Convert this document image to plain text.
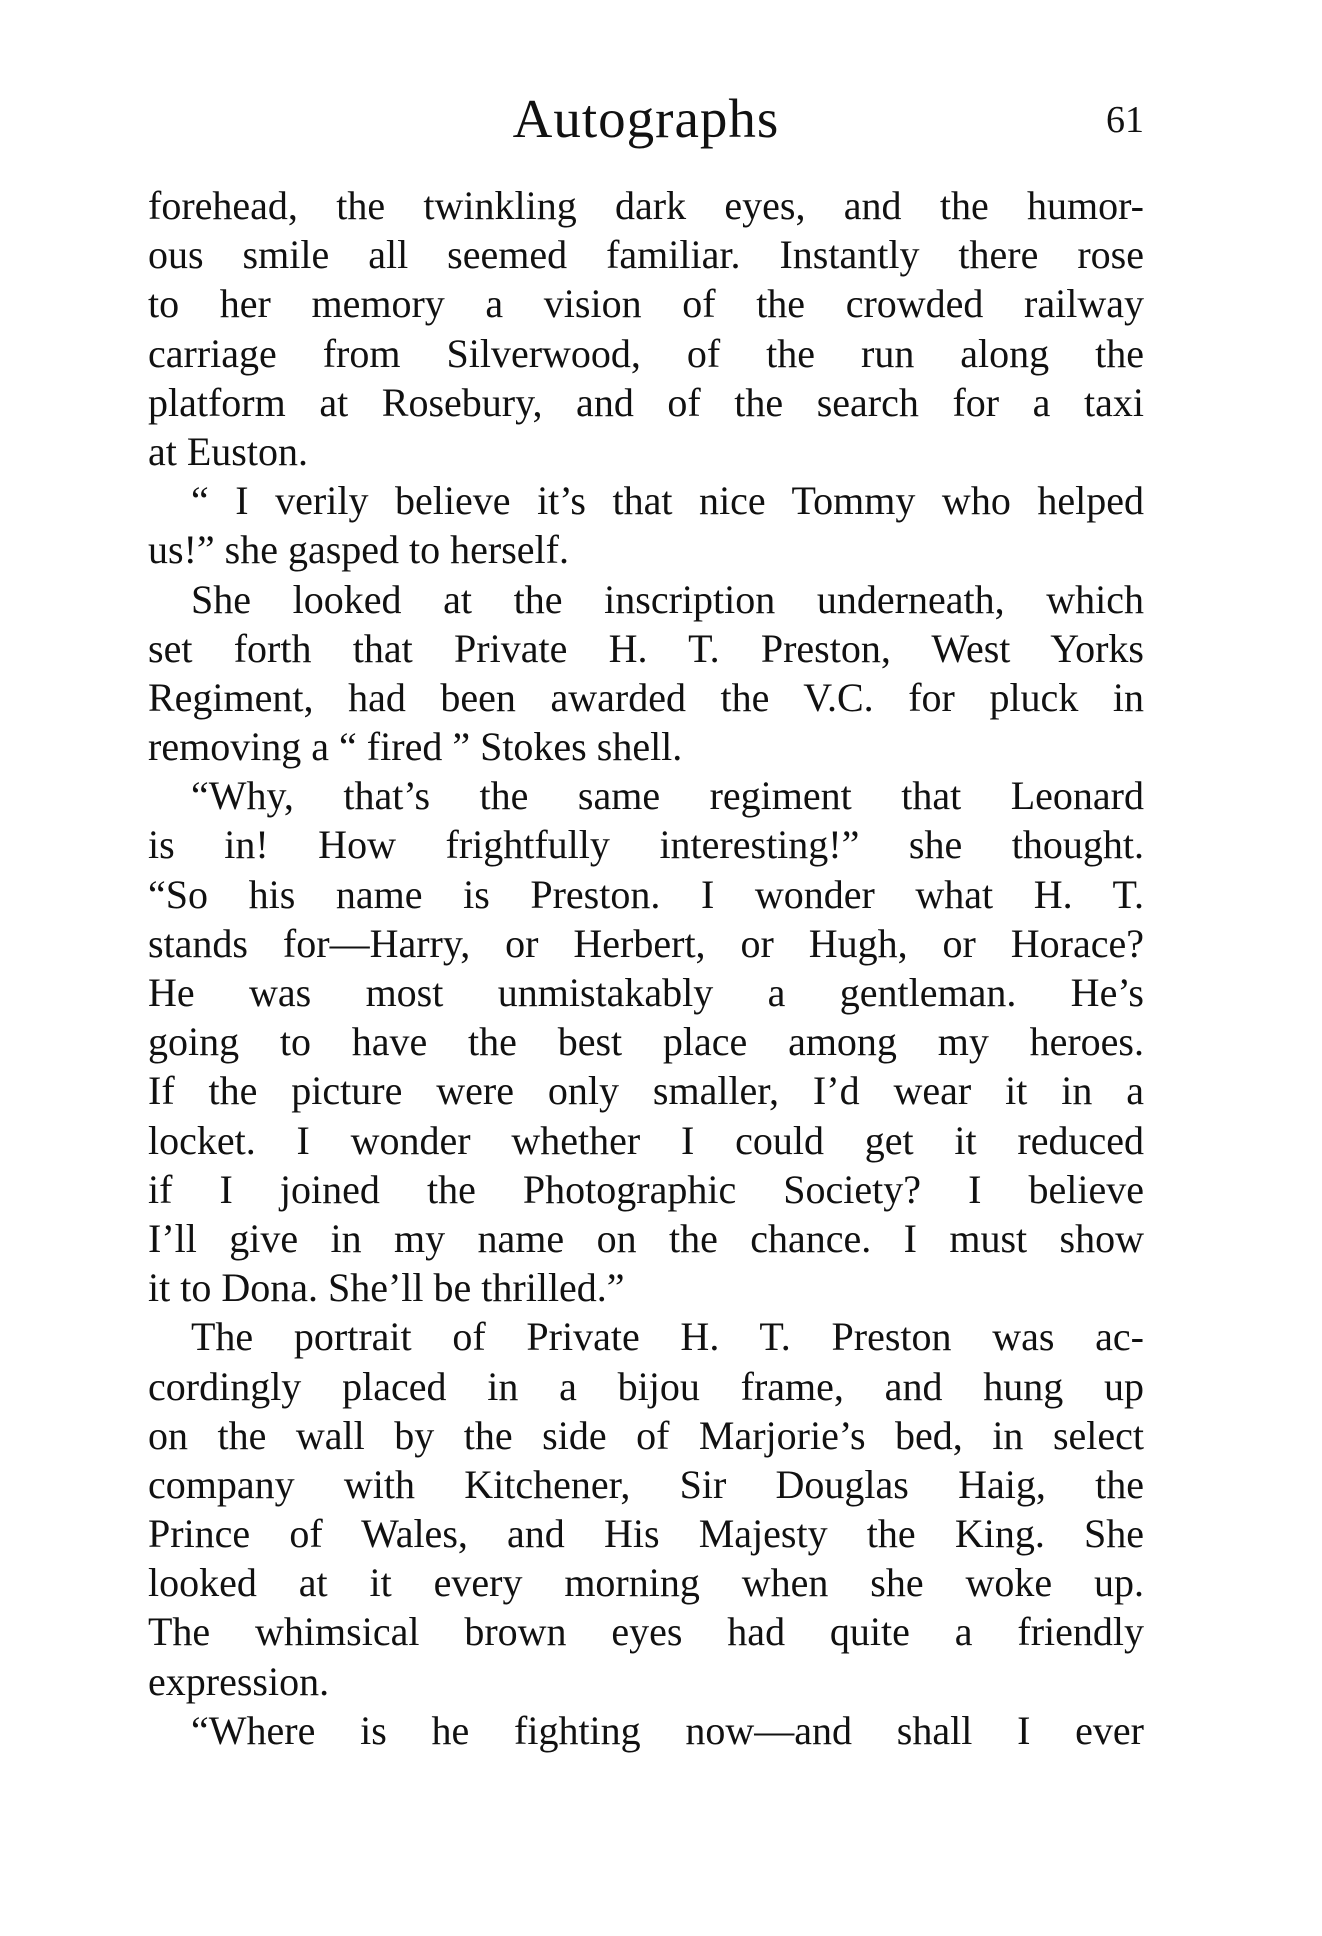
Autographs	61
forehead, the twinkling dark eyes, and the humor-
ous smile all seemed familiar. Instantly there rose
to her memory a vision of the crowded railway
carriage from Silverwood, of the run along the
platform at Rosebury, and of the search for a taxi
at Euston.
“ I verily believe it’s that nice Tommy who helped
us!” she gasped to herself.
She looked at the inscription underneath, which
set forth that Private H. T. Preston, West Yorks
Regiment, had been awarded the V.C. for pluck in
removing a “ fired ” Stokes shell.
“Why, that’s the same regiment that Leonard
is in! How frightfully interesting!” she thought.
“So his name is Preston. I wonder what H. T.
stands for—Harry, or Herbert, or Hugh, or Horace?
He was most unmistakably a gentleman. He’s
going to have the best place among my heroes.
If the picture were only smaller, I’d wear it in a
locket. I wonder whether I could get it reduced
if I joined the Photographic Society? I believe
I’ll give in my name on the chance. I must show
it to Dona. She’ll be thrilled.”
The portrait of Private H. T. Preston was ac-
cordingly placed in a bijou frame, and hung up
on the wall by the side of Marjorie’s bed, in select
company with Kitchener, Sir Douglas Haig, the
Prince of Wales, and His Majesty the King. She
looked at it every morning when she woke up.
The whimsical brown eyes had quite a friendly
expression.
“Where is he fighting now—and shall I ever
